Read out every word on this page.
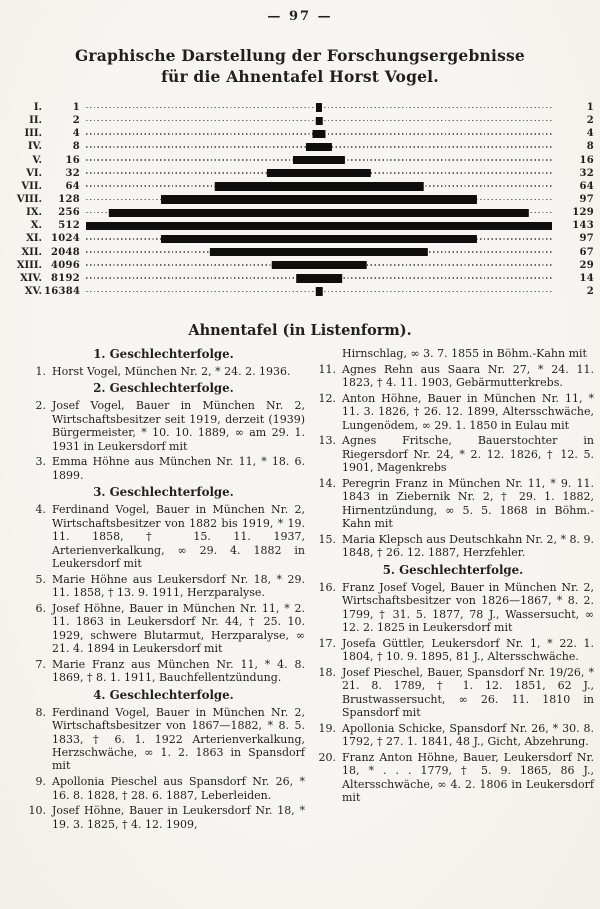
— 97 —
Graphische Darstellung der Forschungsergebnisse
für die Ahnentafel Horst Vogel.
I.	1	1
II.	2	2
III.	4	4
IV.	8	8
V.	16	16
VI.	32	32
VII.	64	64
VIII.	128	97
IX.	256	129
X.	512	143
XI. 1024	97
XII. 2048	67
XIII. 4096	29
XIV. 8192	14
XV. 16384	2
Ahnentafel (in Listenform).
1. Geschlechterfolge.
1. Horst Vogel, München Nr. 2, * 24. 2. 1936.
2. Geschlechterfolge.
2. Josef Vogel, Bauer in München Nr. 2, Wirtschaftsbesitzer seit 1919, derzeit (1939) Bürgermeister, * 10. 10. 1889, ∞ am 29. 1. 1931 in Leukersdorf mit
3. Emma Höhne aus München Nr. 11, * 18. 6. 1899.
3. Geschlechterfolge.
4. Ferdinand Vogel, Bauer in München Nr. 2, Wirtschaftsbesitzer von 1882 bis 1919, * 19. 11. 1858, † 15. 11. 1937, Arterienverkalkung, ∞ 29. 4. 1882 in Leukersdorf mit
5. Marie Höhne aus Leukersdorf Nr. 18, * 29. 11. 1858, † 13. 9. 1911, Herzparalyse.
6. Josef Höhne, Bauer in München Nr. 11, * 2. 11. 1863 in Leukersdorf Nr. 44, † 25. 10. 1929, schwere Blutarmut, Herzparalyse, ∞ 21. 4. 1894 in Leukersdorf mit
7. Marie Franz aus München Nr. 11, * 4. 8. 1869, † 8. 1. 1911, Bauchfellentzündung.
4. Geschlechterfolge.
8. Ferdinand Vogel, Bauer in München Nr. 2, Wirtschaftsbesitzer von 1867—1882, * 8. 5. 1833, † 6. 1. 1922 Arterienverkalkung, Herzschwäche, ∞ 1. 2. 1863 in Spansdorf mit
9. Apollonia Pieschel aus Spansdorf Nr. 26, * 16. 8. 1828, † 28. 6. 1887, Leberleiden.
10. Josef Höhne, Bauer in Leukersdorf Nr. 18, * 19. 3. 1825, † 4. 12. 1909,
Hirnschlag, ∞ 3. 7. 1855 in Böhm.-Kahn mit
11. Agnes Rehn aus Saara Nr. 27, * 24. 11. 1823, † 4. 11. 1903, Gebärmutterkrebs.
12. Anton Höhne, Bauer in München Nr. 11, * 11. 3. 1826, † 26. 12. 1899, Altersschwäche, Lungenödem, ∞ 29. 1. 1850 in Eulau mit
13. Agnes Fritsche, Bauerstochter in Riegersdorf Nr. 24, * 2. 12. 1826, † 12. 5. 1901, Magenkrebs
14. Peregrin Franz in München Nr. 11, * 9. 11. 1843 in Ziebernik Nr. 2, † 29. 1. 1882, Hirnentzündung, ∞ 5. 5. 1868 in Böhm.-Kahn mit
15. Maria Klepsch aus Deutschkahn Nr. 2, * 8. 9. 1848, † 26. 12. 1887, Herzfehler.
5. Geschlechterfolge.
16. Franz Josef Vogel, Bauer in München Nr. 2, Wirtschaftsbesitzer von 1826—1867, * 8. 2. 1799, † 31. 5. 1877, 78 J., Wassersucht, ∞ 12. 2. 1825 in Leukersdorf mit
17. Josefa Güttler, Leukersdorf Nr. 1, * 22. 1. 1804, † 10. 9. 1895, 81 J., Altersschwäche.
18. Josef Pieschel, Bauer, Spansdorf Nr. 19/26, * 21. 8. 1789, † 1. 12. 1851, 62 J., Brustwassersucht, ∞ 26. 11. 1810 in Spansdorf mit
19. Apollonia Schicke, Spansdorf Nr. 26, * 30. 8. 1792, † 27. 1. 1841, 48 J., Gicht, Abzehrung.
20. Franz Anton Höhne, Bauer, Leukersdorf Nr. 18, * . . . 1779, † 5. 9. 1865, 86 J., Altersschwäche, ∞ 4. 2. 1806 in Leukersdorf mit
